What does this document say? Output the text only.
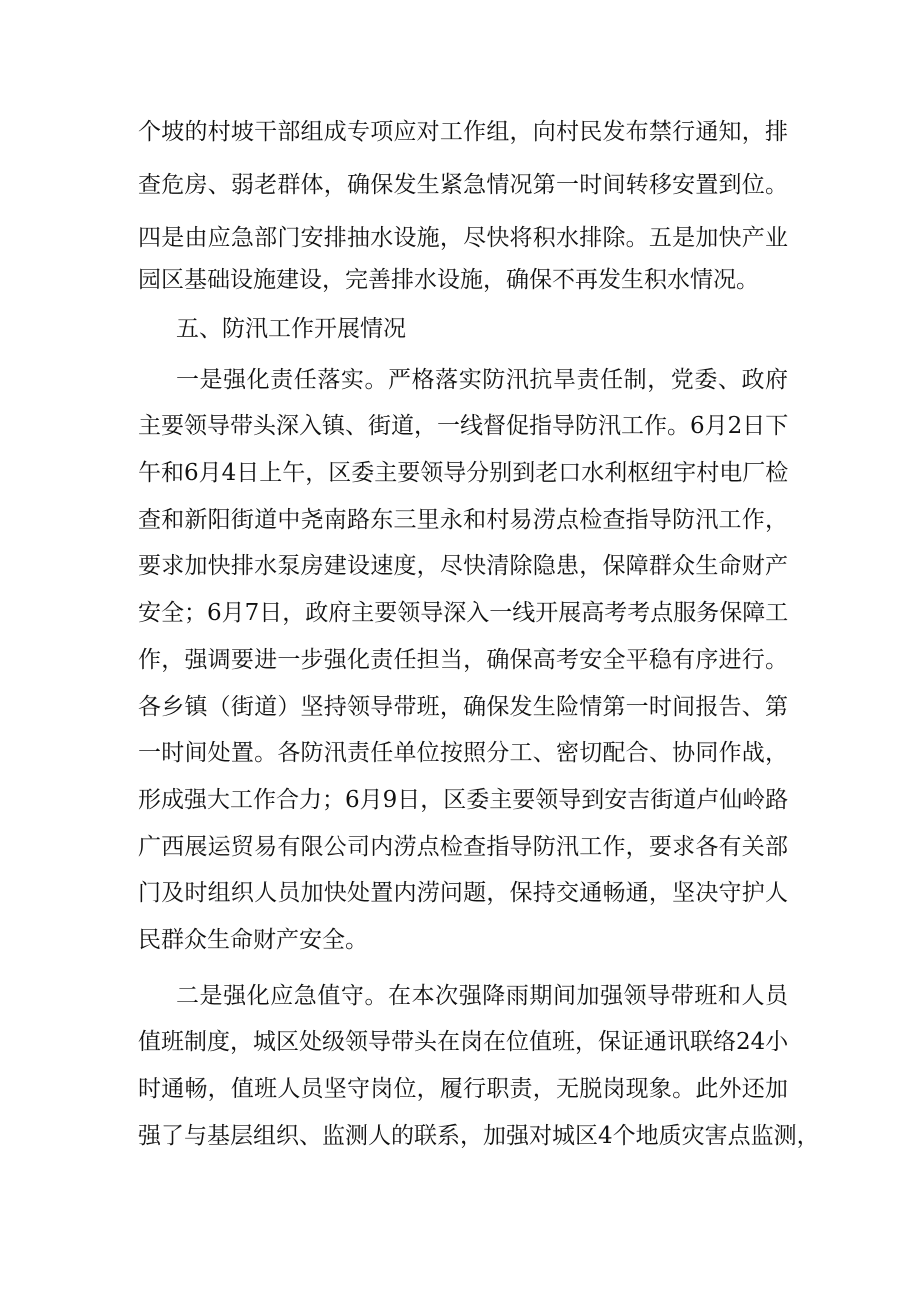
个坡的村坡干部组成专项应对工作组，向村民发布禁行通知，排

查危房、弱老群体，确保发生紧急情况第一时间转移安置到位。

四是由应急部门安排抽水设施，尽快将积水排除。五是加快产业

园区基础设施建设，完善排水设施，确保不再发生积水情况。

五、防汛工作开展情况

一是强化责任落实。严格落实防汛抗旱责任制，党委、政府

主要领导带头深入镇、街道，一线督促指导防汛工作。6月2日下

午和6月4日上午，区委主要领导分别到老口水利枢纽宇村电厂检

查和新阳街道中尧南路东三里永和村易涝点检查指导防汛工作，

要求加快排水泵房建设速度，尽快清除隐患，保障群众生命财产

安全；6月7日，政府主要领导深入一线开展高考考点服务保障工

作，强调要进一步强化责任担当，确保高考安全平稳有序进行。

各乡镇（街道）坚持领导带班，确保发生险情第一时间报告、第

一时间处置。各防汛责任单位按照分工、密切配合、协同作战，

形成强大工作合力；6月9日，区委主要领导到安吉街道卢仙岭路

广西展运贸易有限公司内涝点检查指导防汛工作，要求各有关部

门及时组织人员加快处置内涝问题，保持交通畅通，坚决守护人

民群众生命财产安全。

二是强化应急值守。在本次强降雨期间加强领导带班和人员

值班制度，城区处级领导带头在岗在位值班，保证通讯联络24小

时通畅，值班人员坚守岗位，履行职责，无脱岗现象。此外还加

强了与基层组织、监测人的联系，加强对城区4个地质灾害点监测，
